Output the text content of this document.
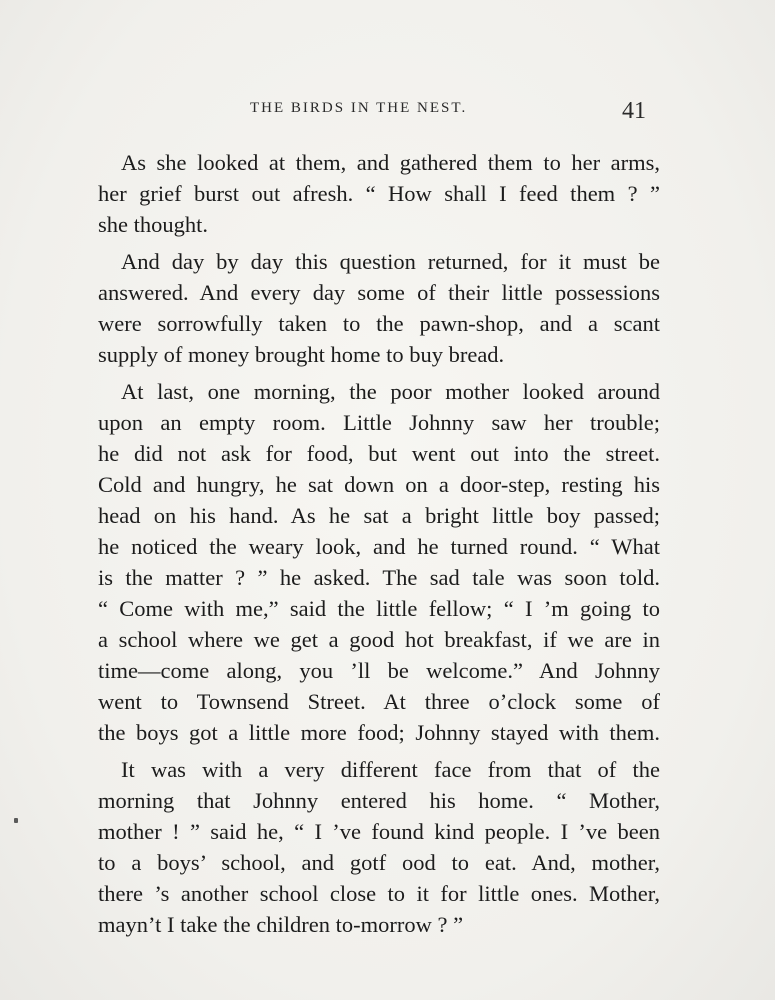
THE BIRDS IN THE NEST.	41
As she looked at them, and gathered them to her arms,
her grief burst out afresh. “ How shall I feed them ? ”
she thought.
And day by day this question returned, for it must be
answered. And every day some of their little possessions
were sorrowfully taken to the pawn-shop, and a scant
supply of money brought home to buy bread.
At last, one morning, the poor mother looked around
upon an empty room. Little Johnny saw her trouble;
he did not ask for food, but went out into the street.
Cold and hungry, he sat down on a door-step, resting his
head on his hand. As he sat a bright little boy passed;
he noticed the weary look, and he turned round. “ What
is the matter ? ” he asked. The sad tale was soon told.
“ Come with me,” said the little fellow; “ I ’m going to
a school where we get a good hot breakfast, if we are in
time—come along, you ’ll be welcome.” And Johnny
went to Townsend Street. At three o’clock some of
the boys got a little more food; Johnny stayed with them.
It was with a very different face from that of the
morning that Johnny entered his home. “ Mother,
mother ! ” said he, “ I ’ve found kind people. I ’ve been
to a boys’ school, and gotf ood to eat. And, mother,
there ’s another school close to it for little ones. Mother,
mayn’t I take the children to-morrow ? ”
